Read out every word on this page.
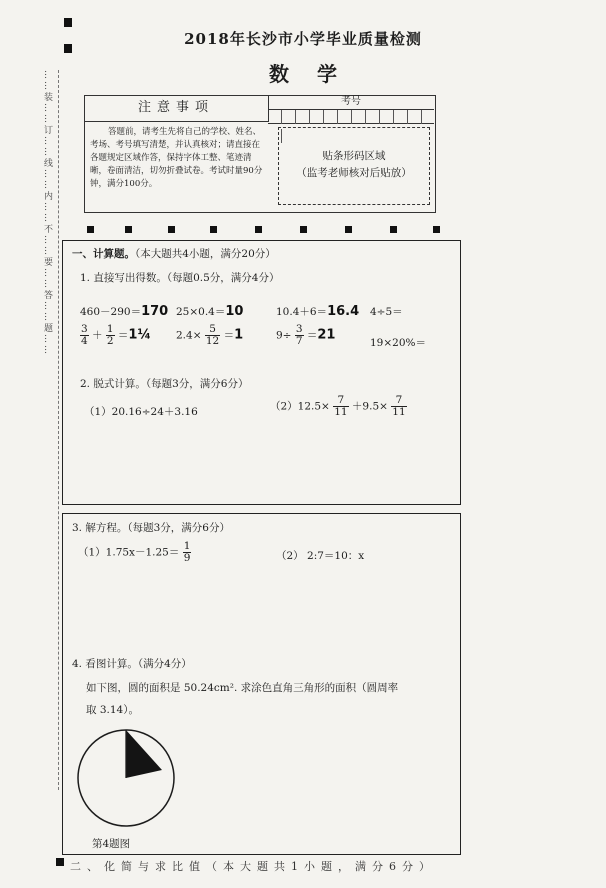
2018年长沙市小学毕业质量检测
数学
……装……订……线……内……不……要……答……题……	注意事项
答题前，请考生先将自己的学校、姓名、考场、考号填写清楚，并认真核对；请直接在各题规定区域作答，保持字体工整、笔迹清晰，卷面清洁，切勿折叠试卷。考试时量90分钟，满分100分。
考号
贴条形码区域
（监考老师核对后贴放）
一、计算题。（本大题共4小题，满分20分）
1. 直接写出得数。（每题0.5分，满分4分）
460－290＝170 25×0.4＝10	10.4＋6＝16.4 4÷5＝
$\frac{3}{4} + \frac{1}{2}$ ＝1¼ $2.4\times \frac{5}{12} =1$	$9\div \frac{3}{7} =21$
19×20%＝
2. 脱式计算。（每题3分，满分6分）
（1）20.16÷24＋3.16	$(2)12.5\times \frac{7}{11} +9.5\times \frac{7}{11}$
3. 解方程。（每题3分，满分6分）
$(1)1.75x-1.25= \frac{1}{9}$	（2） 2:7＝10：x
4. 看图计算。（满分4分）
如下图，圆的面积是 50.24cm². 求涂色直角三角形的面积（圆周率
取 3.14）。
第4题图
二、化简与求比值（本大题共1小题，满分6分）
